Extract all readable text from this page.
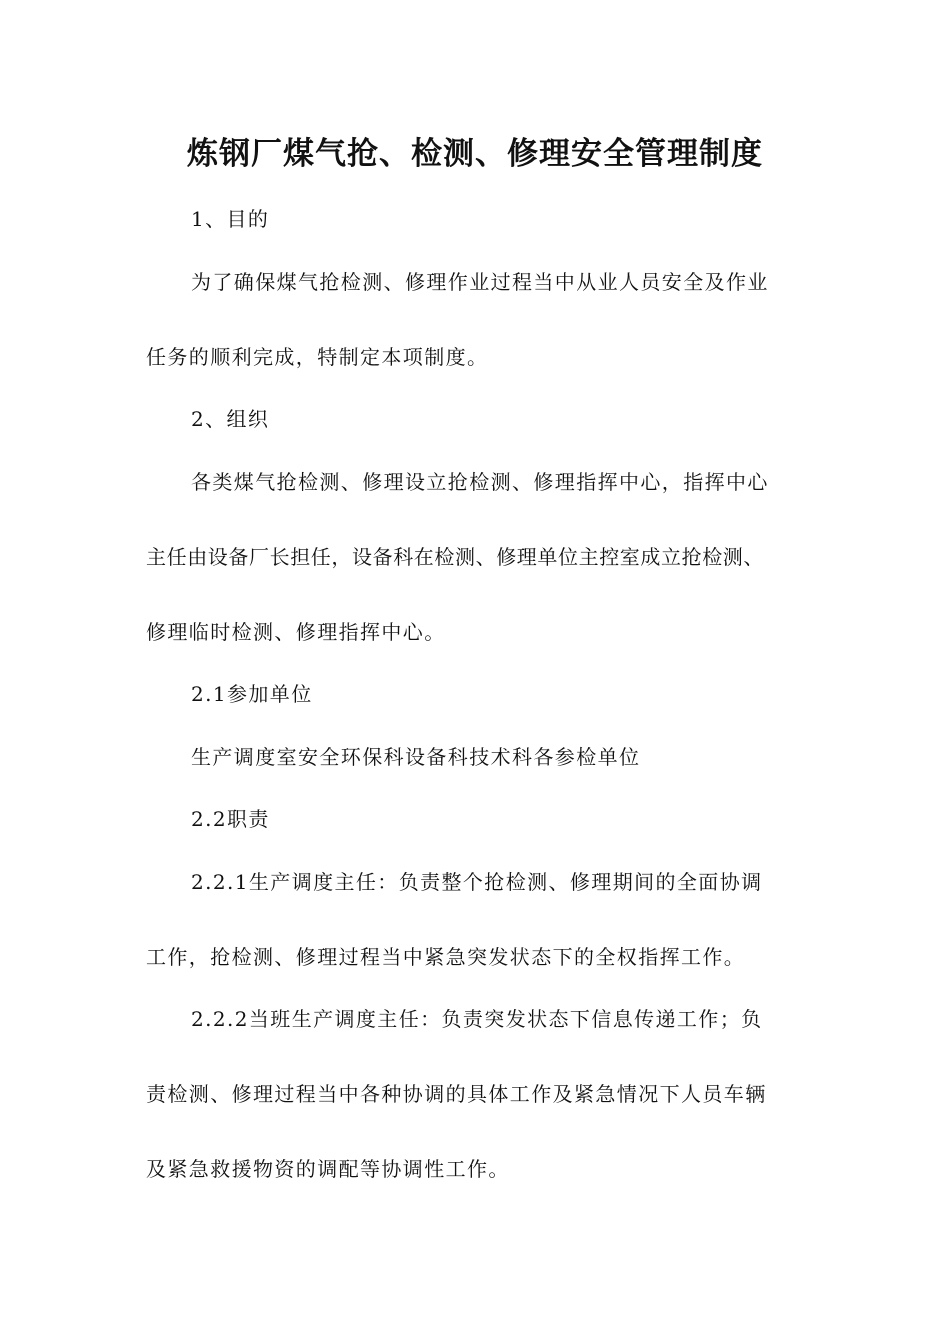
炼钢厂煤气抢、检测、修理安全管理制度
1、目的
为了确保煤气抢检测、修理作业过程当中从业人员安全及作业
任务的顺利完成，特制定本项制度。
2、组织
各类煤气抢检测、修理设立抢检测、修理指挥中心，指挥中心
主任由设备厂长担任，设备科在检测、修理单位主控室成立抢检测、
修理临时检测、修理指挥中心。
2.1参加单位
生产调度室安全环保科设备科技术科各参检单位
2.2职责
2.2.1生产调度主任：负责整个抢检测、修理期间的全面协调
工作，抢检测、修理过程当中紧急突发状态下的全权指挥工作。
2.2.2当班生产调度主任：负责突发状态下信息传递工作；负
责检测、修理过程当中各种协调的具体工作及紧急情况下人员车辆
及紧急救援物资的调配等协调性工作。
